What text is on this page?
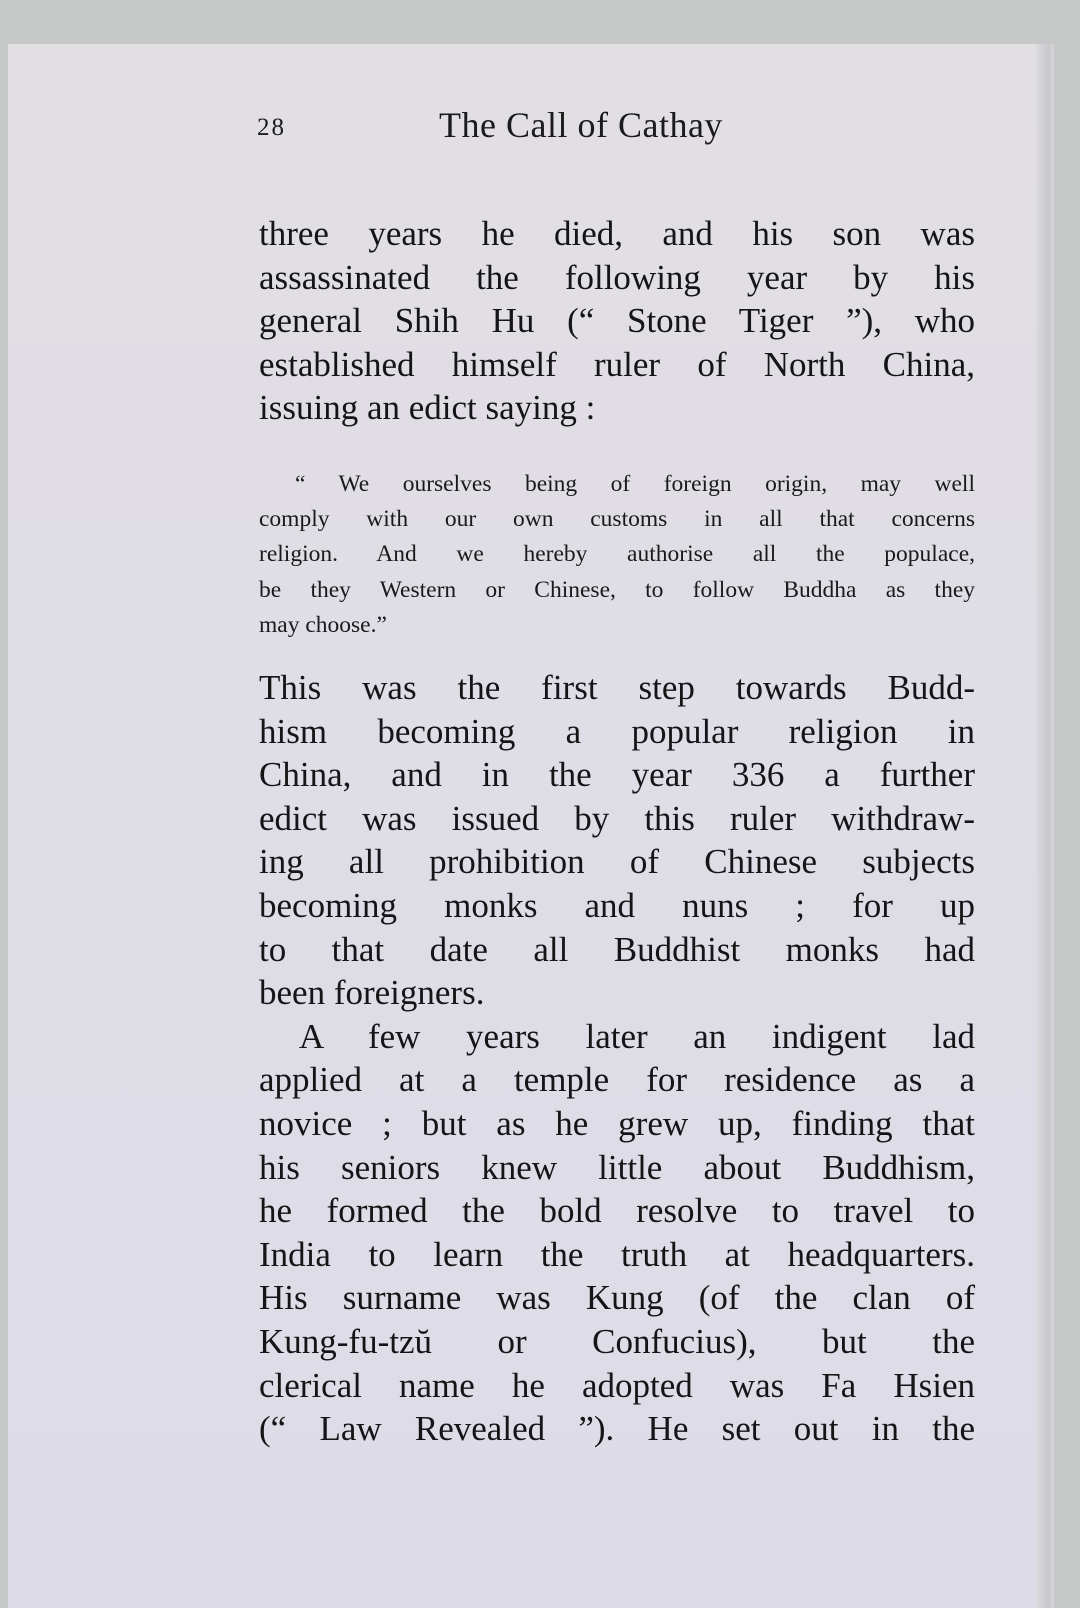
28	The Call of Cathay
three years he died, and his son was
assassinated the following year by his
general Shih Hu (“ Stone Tiger ”), who
established himself ruler of North China,
issuing an edict saying :
“ We ourselves being of foreign origin, may well
comply with our own customs in all that concerns
religion. And we hereby authorise all the populace,
be they Western or Chinese, to follow Buddha as they
may choose.”
This was the first step towards Budd-
hism becoming a popular religion in
China, and in the year 336 a further
edict was issued by this ruler withdraw-
ing all prohibition of Chinese subjects
becoming monks and nuns ; for up
to that date all Buddhist monks had
been foreigners.
A few years later an indigent lad
applied at a temple for residence as a
novice ; but as he grew up, finding that
his seniors knew little about Buddhism,
he formed the bold resolve to travel to
India to learn the truth at headquarters.
His surname was Kung (of the clan of
Kung-fu-tzŭ or Confucius), but the
clerical name he adopted was Fa Hsien
(“ Law Revealed ”). He set out in the
